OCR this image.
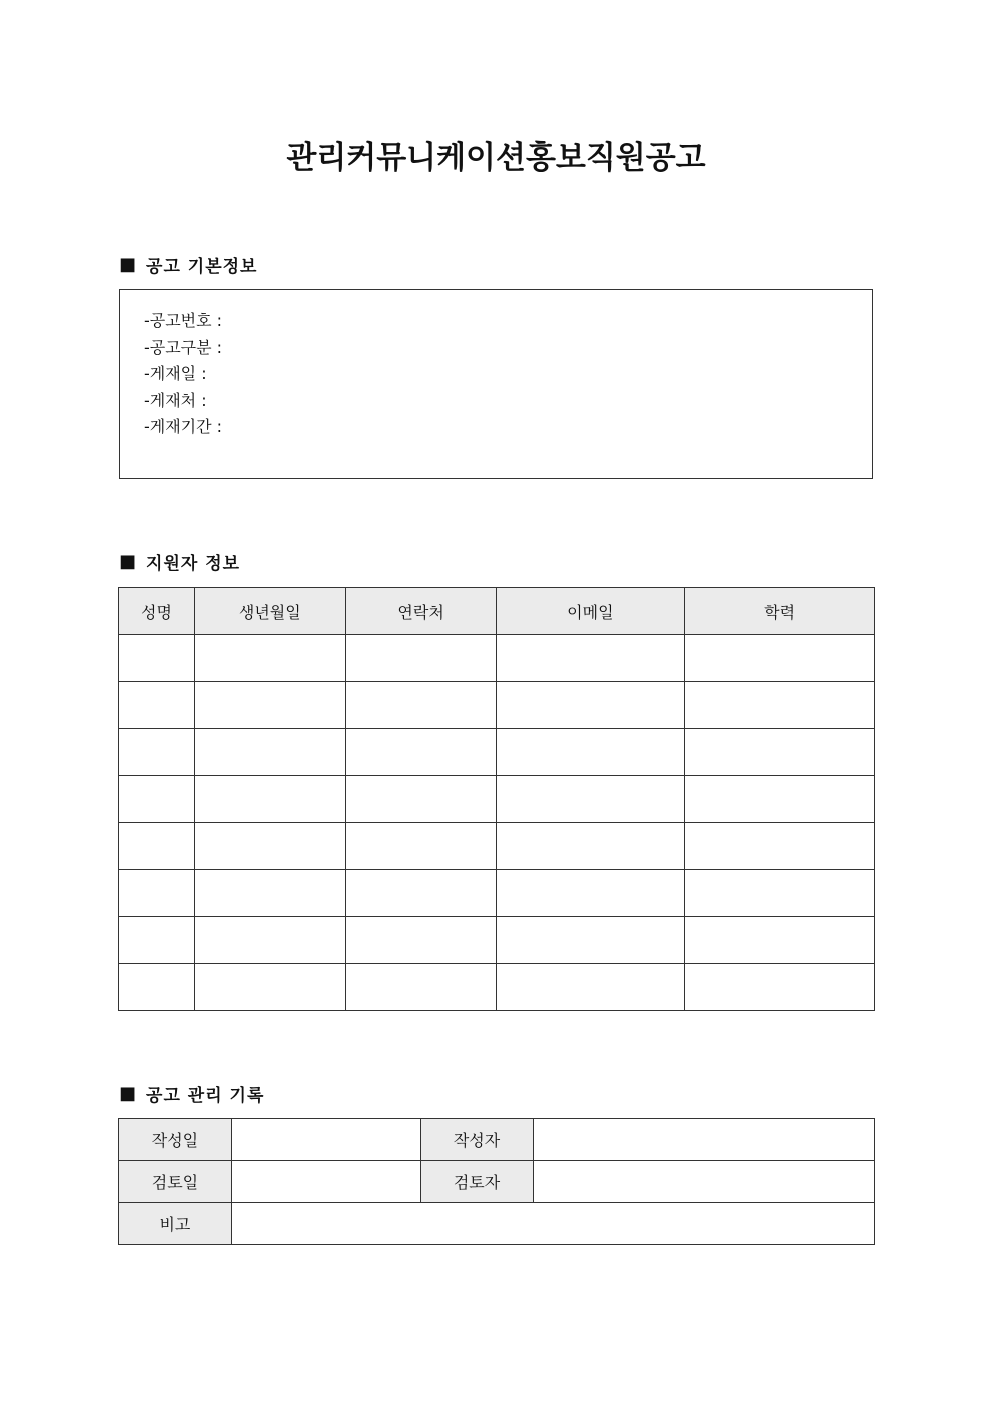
관리커뮤니케이션홍보직원공고
■ 공고 기본정보
-공고번호 :
-공고구분 :
-게재일 :
-게재처 :
-게재기간 :
■ 지원자 정보
성명	생년월일	연락처	이메일	학력

■ 공고 관리 기록
작성일		작성자	
검토일		검토자	
비고			
